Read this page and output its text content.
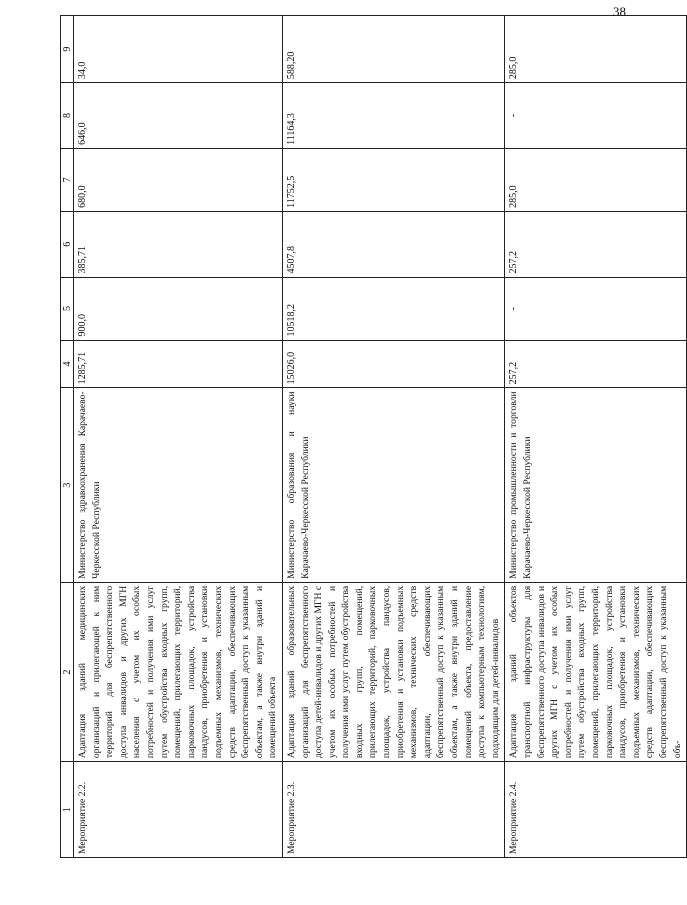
38
1	2	3	4	5	6	7	8	9
Мероприятие 2.2.	Адаптация зданий медицинских организаций и прилегающей к ним территорий для беспрепятственного доступа инвалидов и других МГН населения с учетом их особых потребностей и получения ими услуг путем обустройства входных групп, помещений, прилегающих территорий, парковочных площадок, устройства пандусов, приобретения и установки подъемных механизмов, технических средств адаптации, обеспечивающих беспрепятственный доступ к указанным объектам, а также внутри зданий и помещений объекта	Министерство здравоохранения Карачаево-Черкесской Республики	1285,71	900,0	385,71	680,0	646,0	34,0
Мероприятие 2.3.	Адаптация зданий образовательных организаций для беспрепятственного доступа детей-инвалидов и других МГН с учетом их особых потребностей и получения ими услуг путем обустройства входных групп, помещений, прилегающих территорий, парковочных площадок, устройства пандусов, приобретения и установки подъемных механизмов, технических средств адаптации, обеспечивающих беспрепятственный доступ к указанным объектам, а также внутри зданий и помещений объекта, предоставление доступа к компьютерным технологиям, подходящим для детей-инвалидов	Министерство образования и науки Карачаево-Черкесской Республики	15026,0	10518,2	4507,8	11752,5	11164,3	588,20
Мероприятие 2.4.	Адаптация зданий объектов транспортной инфраструктуры для беспрепятственного доступа инвалидов и других МГН с учетом их особых потребностей и получения ими услуг путем обустройства входных групп, помещений, прилегающих территорий, парковочных площадок, устройства пандусов, приобретения и установки подъемных механизмов, технических средств адаптации, обеспечивающих беспрепятственный доступ к указанным объ-	Министерство промышленности и торговли Карачаево-Черкесской Республики	257,2	-	257,2	285,0	-	285,0
